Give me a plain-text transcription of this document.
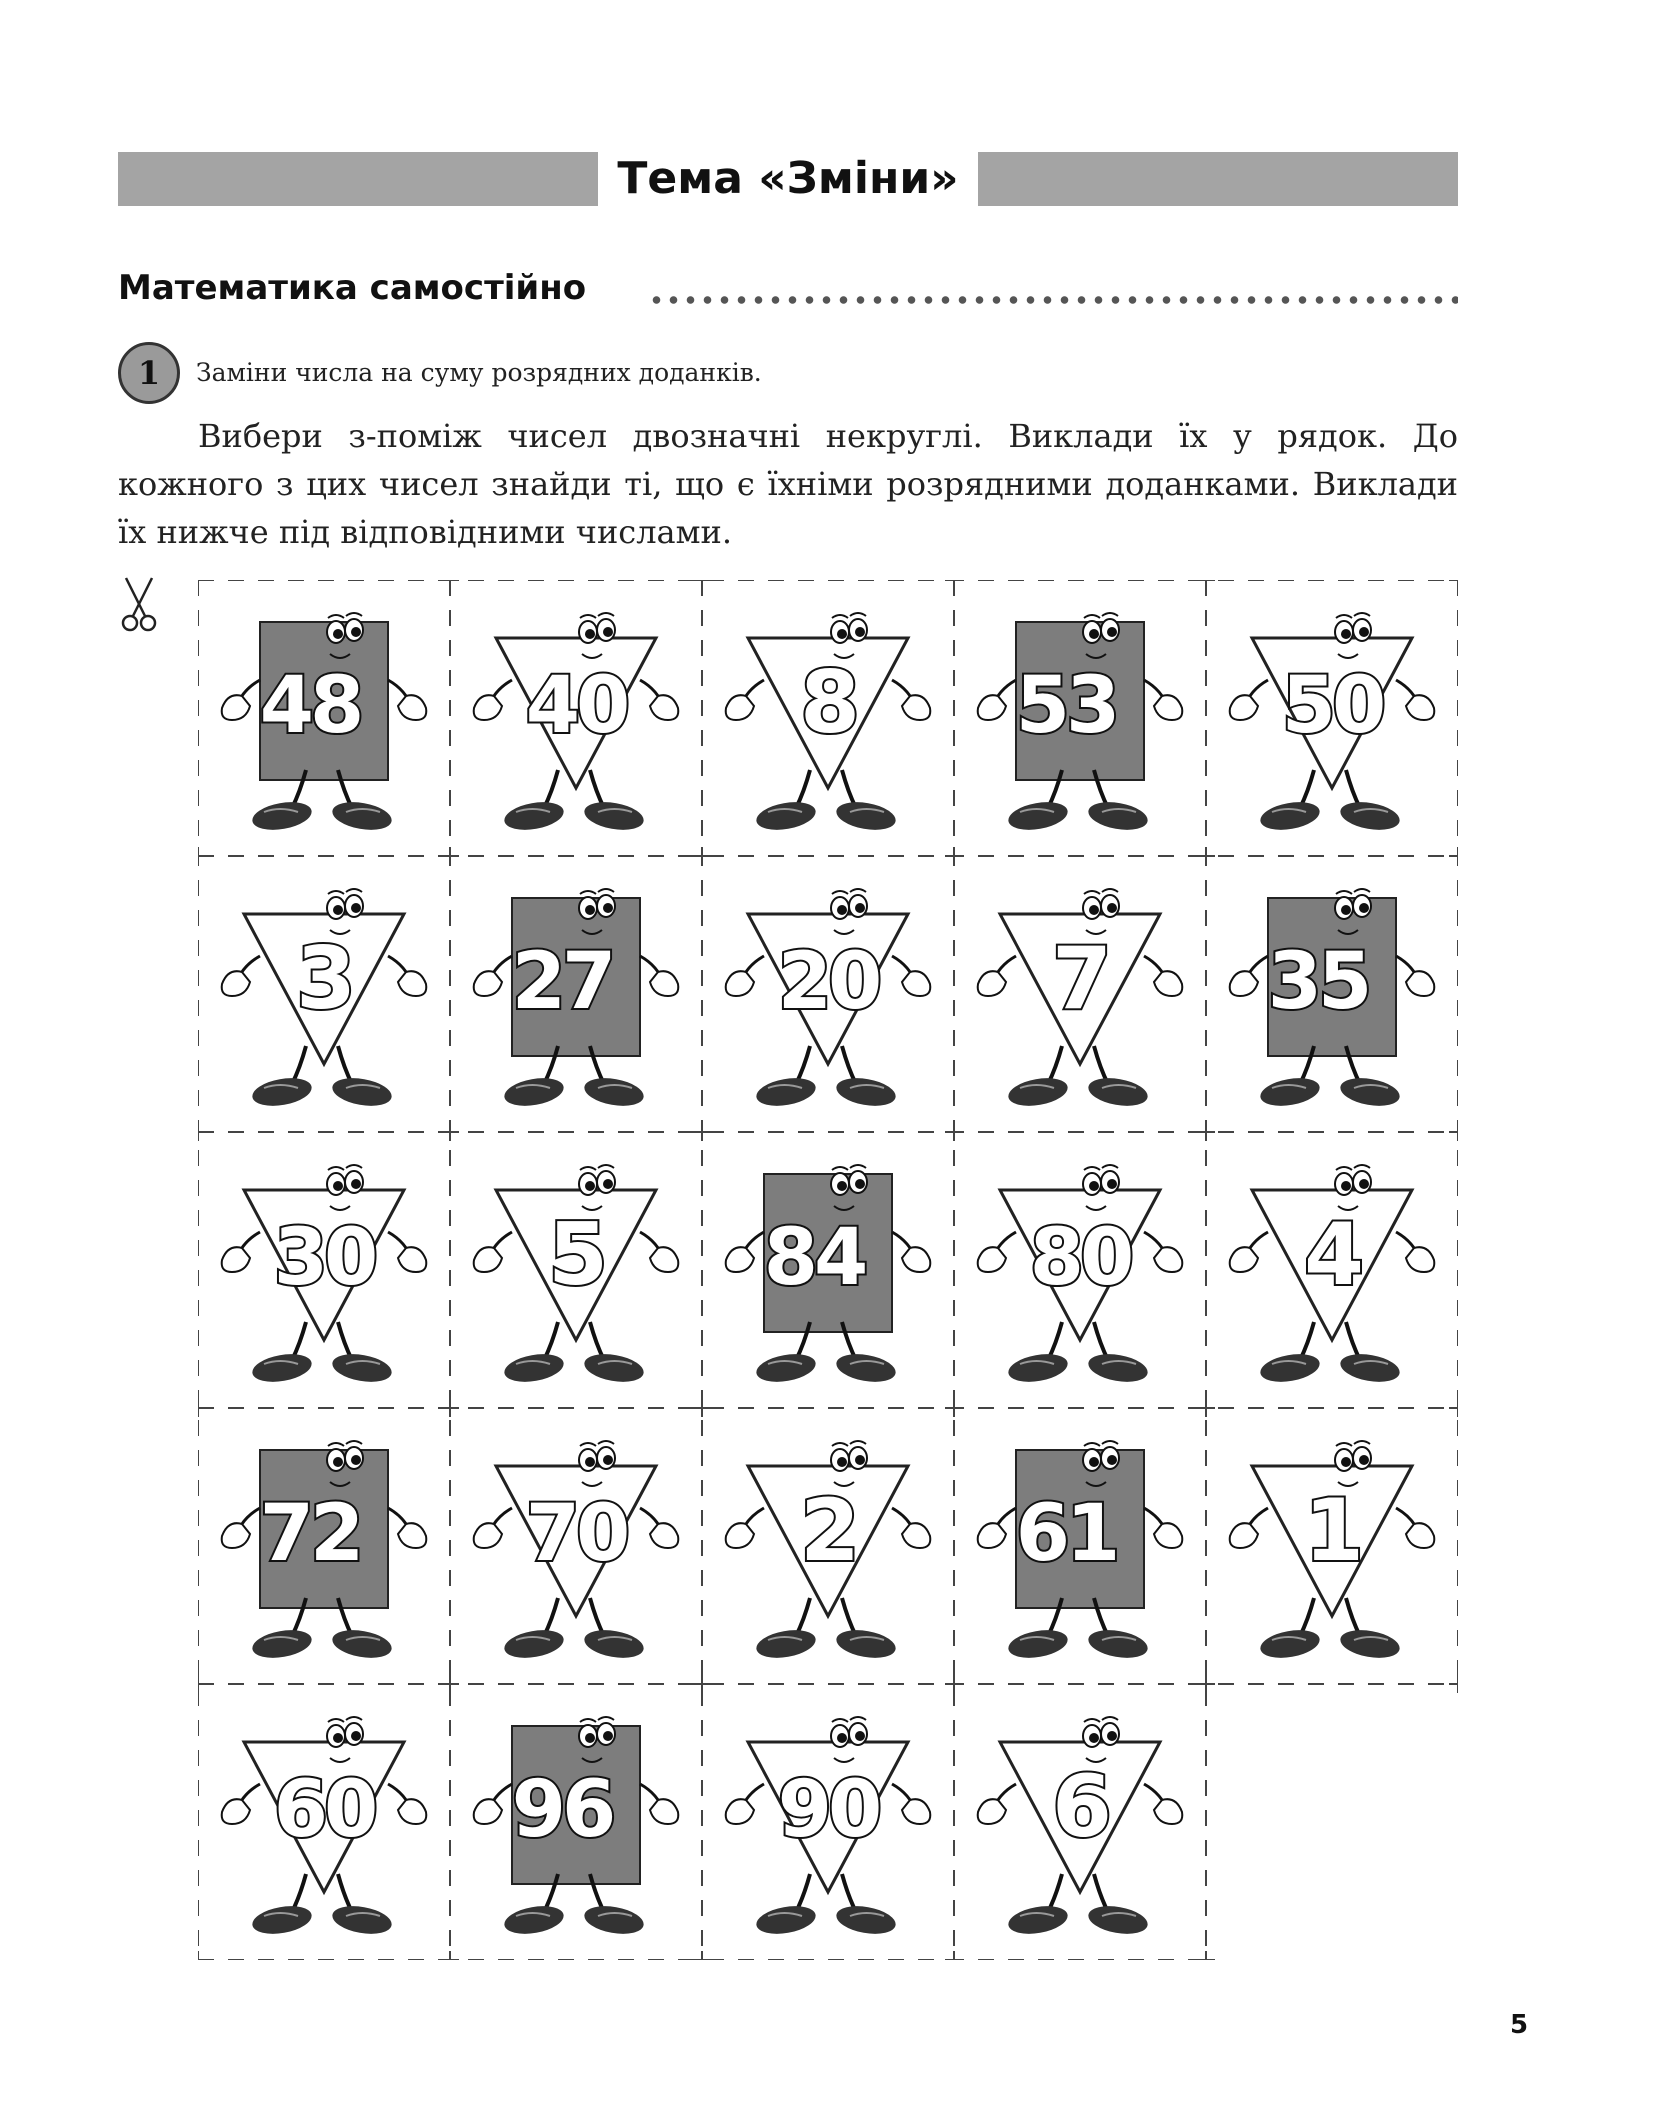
Тема «Зміни»
Математика самостійно
1	Заміни числа на суму розрядних доданків.
Вибери з-поміж чисел двозначні некруглі. Виклади їх у рядок. До кожного з цих чисел знайди ті, що є їхніми розрядними доданками. Виклади їх нижче під відповідними числами.
48 40 8 53 50
3 27 20 7 35
30 5 84 80 4
72 70 2 61 1
60 96 90 6
5
